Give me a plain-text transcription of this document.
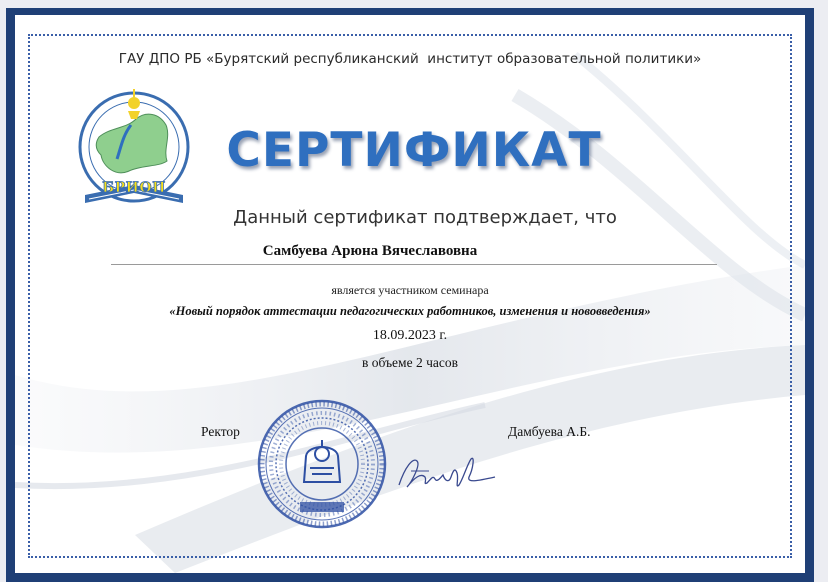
ГАУ ДПО РБ «Бурятский республиканский  институт образовательной политики»
БРИОП
СЕРТИФИКАТ
Данный сертификат подтверждает, что
Самбуева Арюна Вячеславовна
является участником семинара
«Новый порядок аттестации педагогических работников, изменения и нововведения»
18.09.2023 г.
в объеме 2 часов
Ректор	Дамбуева А.Б.
